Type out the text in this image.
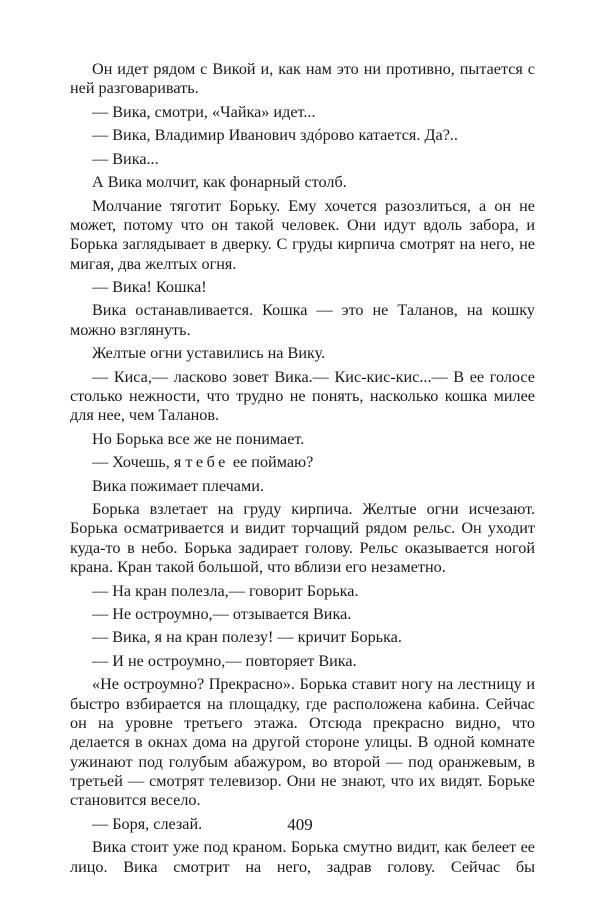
Он идет рядом с Викой и, как нам это ни противно, пытается с ней разговаривать.

— Вика, смотри, «Чайка» идет...

— Вика, Владимир Иванович здóрово катается. Да?..

— Вика...

А Вика молчит, как фонарный столб.

Молчание тяготит Борьку. Ему хочется разозлиться, а он не может, потому что он такой человек. Они идут вдоль забора, и Борька заглядывает в дверку. С груды кирпича смотрят на него, не мигая, два желтых огня.

— Вика! Кошка!

Вика останавливается. Кошка — это не Таланов, на кошку можно взглянуть.

Желтые огни уставились на Вику.

— Киса,— ласково зовет Вика.— Кис-кис-кис...— В ее голосе столько нежности, что трудно не понять, насколько кошка милее для нее, чем Таланов.

Но Борька все же не понимает.

— Хочешь, я тебе ее поймаю?

Вика пожимает плечами.

Борька взлетает на груду кирпича. Желтые огни исчезают. Борька осматривается и видит торчащий рядом рельс. Он уходит куда-то в небо. Борька задирает голову. Рельс оказывается ногой крана. Кран такой большой, что вблизи его незаметно.

— На кран полезла,— говорит Борька.

— Не остроумно,— отзывается Вика.

— Вика, я на кран полезу! — кричит Борька.

— И не остроумно,— повторяет Вика.

«Не остроумно? Прекрасно». Борька ставит ногу на лестницу и быстро взбирается на площадку, где расположена кабина. Сейчас он на уровне третьего этажа. Отсюда прекрасно видно, что делается в окнах дома на другой стороне улицы. В одной комнате ужинают под голубым абажуром, во второй — под оранжевым, в третьей — смотрят телевизор. Они не знают, что их видят. Борьке становится весело.

— Боря, слезай.

Вика стоит уже под краном. Борька смутно видит, как белеет ее лицо. Вика смотрит на него, задрав голову. Сейчас бы

409
